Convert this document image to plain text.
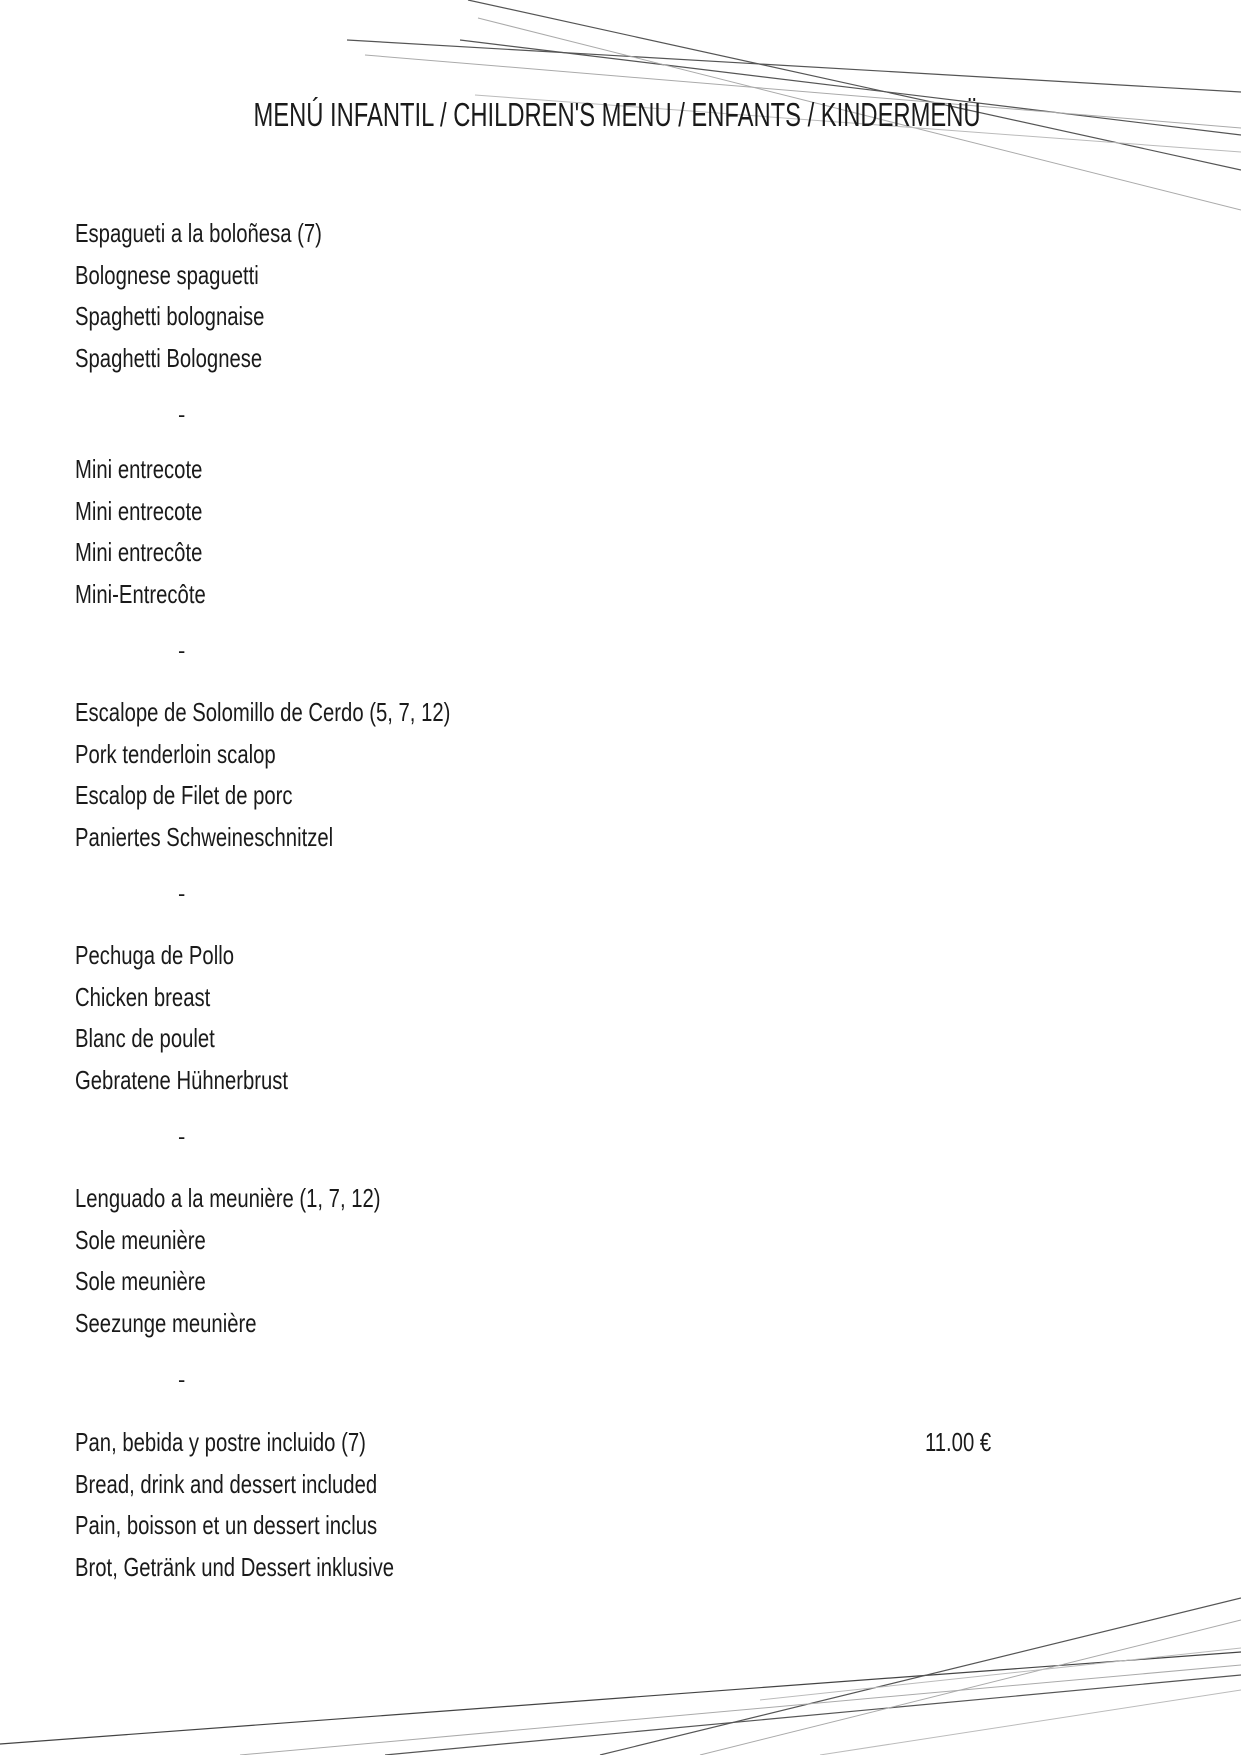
MENÚ INFANTIL / CHILDREN'S MENU / ENFANTS / KINDERMENÜ
Espagueti a la boloñesa (7)
Bolognese spaguetti
Spaghetti bolognaise
Spaghetti Bolognese
-
Mini entrecote
Mini entrecote
Mini entrecôte
Mini-Entrecôte
-
Escalope de Solomillo de Cerdo (5, 7, 12)
Pork tenderloin scalop
Escalop de Filet de porc
Paniertes Schweineschnitzel
-
Pechuga de Pollo
Chicken breast
Blanc de poulet
Gebratene Hühnerbrust
-
Lenguado a la meunière (1, 7, 12)
Sole meunière
Sole meunière
Seezunge meunière
-
Pan, bebida y postre incluido (7)
Bread, drink and dessert included
Pain, boisson et un dessert inclus
Brot, Getränk und Dessert inklusive
11.00 €
